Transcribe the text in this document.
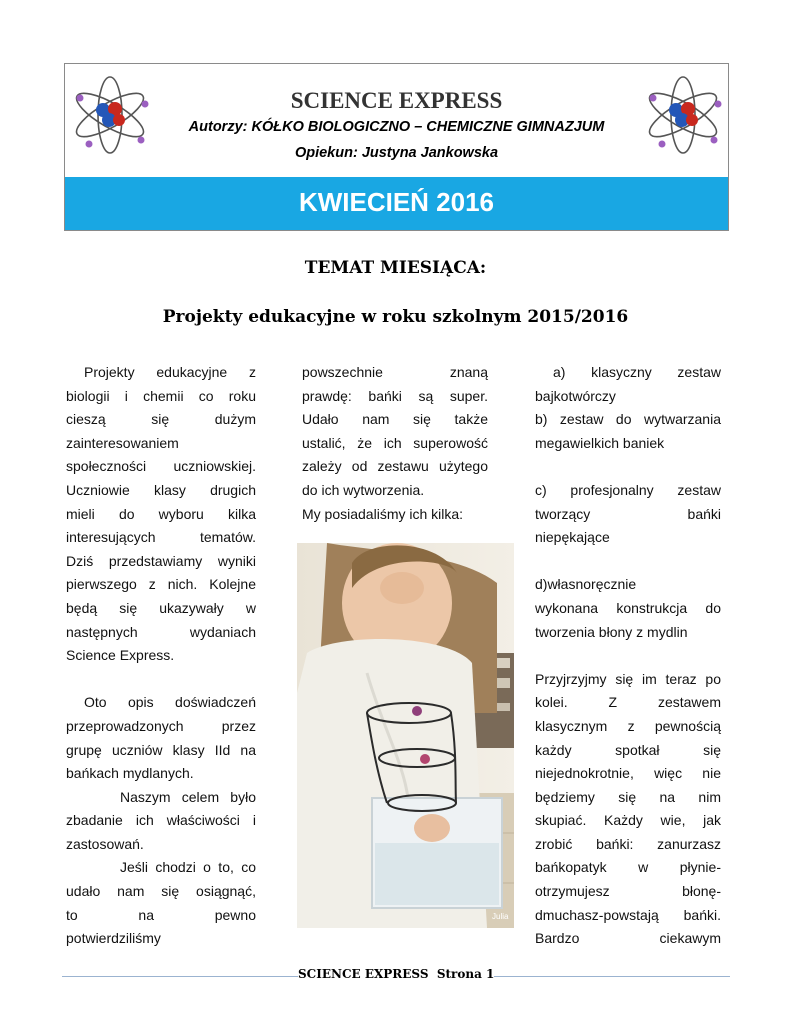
SCIENCE EXPRESS
Autorzy: KÓŁKO BIOLOGICZNO – CHEMICZNE GIMNAZJUM
Opiekun: Justyna Jankowska
KWIECIEŃ 2016
TEMAT MIESIĄCA:
Projekty edukacyjne w roku szkolnym 2015/2016

Projekty edukacyjne z

biologii i chemii co roku

cieszą się dużym

zainteresowaniem

społeczności uczniowskiej.

Uczniowie klasy drugich

mieli do wyboru kilka

interesujących tematów.

Dziś przedstawiamy wyniki

pierwszego z nich. Kolejne

będą się ukazywały w

następnych wydaniach

Science Express.

Oto opis doświadczeń

przeprowadzonych przez

grupę uczniów klasy IId na

bańkach mydlanych.

Naszym celem było

zbadanie ich właściwości i

zastosowań.

Jeśli chodzi o to, co

udało nam się osiągnąć,

to na pewno

potwierdziliśmy

powszechnie znaną

prawdę: bańki są super.

Udało nam się także

ustalić, że ich superowość

zależy od zestawu użytego

do ich wytworzenia.

My posiadaliśmy ich kilka:

Julia

a) klasyczny zestaw

bajkotwórczy

b) zestaw do wytwarzania

megawielkich baniek

c) profesjonalny zestaw

tworzący bańki

niepękające

d)własnoręcznie

wykonana konstrukcja do

tworzenia błony z mydlin

Przyjrzyjmy się im teraz po

kolei. Z zestawem

klasycznym z pewnością

każdy spotkał się

niejednokrotnie, więc nie

będziemy się na nim

skupiać. Każdy wie, jak

zrobić bańki: zanurzasz

bańkopatyk w płynie-

otrzymujesz błonę-

dmuchasz-powstają bańki.

Bardzo ciekawym

SCIENCE EXPRESS  Strona 1
